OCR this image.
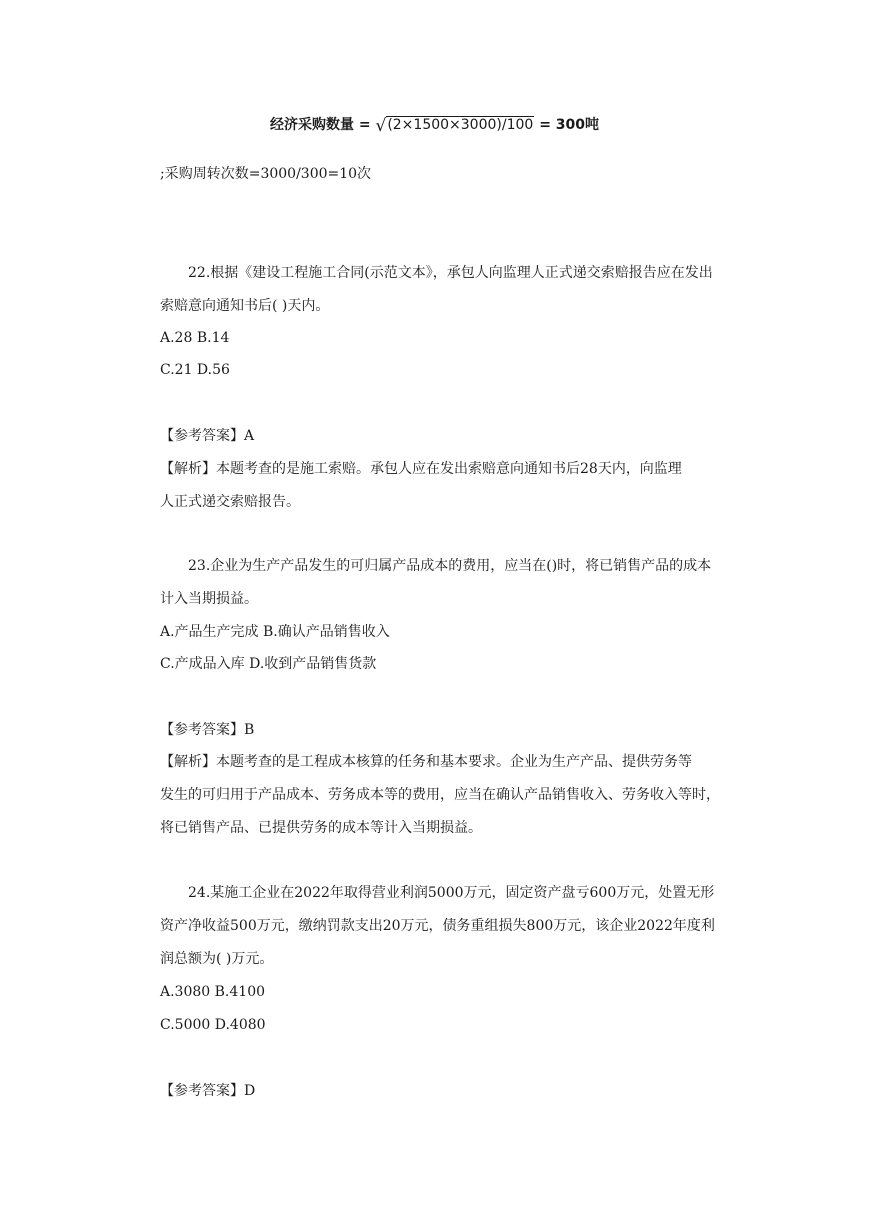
经济采购数量 = √(2×1500×3000)/100 = 300吨
;采购周转次数=3000/300=10次
22.根据《建设工程施工合同(示范文本》，承包人向监理人正式递交索赔报告应在发出
索赔意向通知书后( )天内。
A.28 B.14
C.21 D.56
【参考答案】A
【解析】本题考查的是施工索赔。承包人应在发出索赔意向通知书后28天内，向监理
人正式递交索赔报告。
23.企业为生产产品发生的可归属产品成本的费用，应当在()时，将已销售产品的成本
计入当期损益。
A.产品生产完成 B.确认产品销售收入
C.产成品入库 D.收到产品销售货款
【参考答案】B
【解析】本题考查的是工程成本核算的任务和基本要求。企业为生产产品、提供劳务等
发生的可归用于产品成本、劳务成本等的费用，应当在确认产品销售收入、劳务收入等时，
将已销售产品、已提供劳务的成本等计入当期损益。
24.某施工企业在2022年取得营业利润5000万元，固定资产盘亏600万元，处置无形
资产净收益500万元，缴纳罚款支出20万元，债务重组损失800万元，该企业2022年度利
润总额为( )万元。
A.3080 B.4100
C.5000 D.4080
【参考答案】D
